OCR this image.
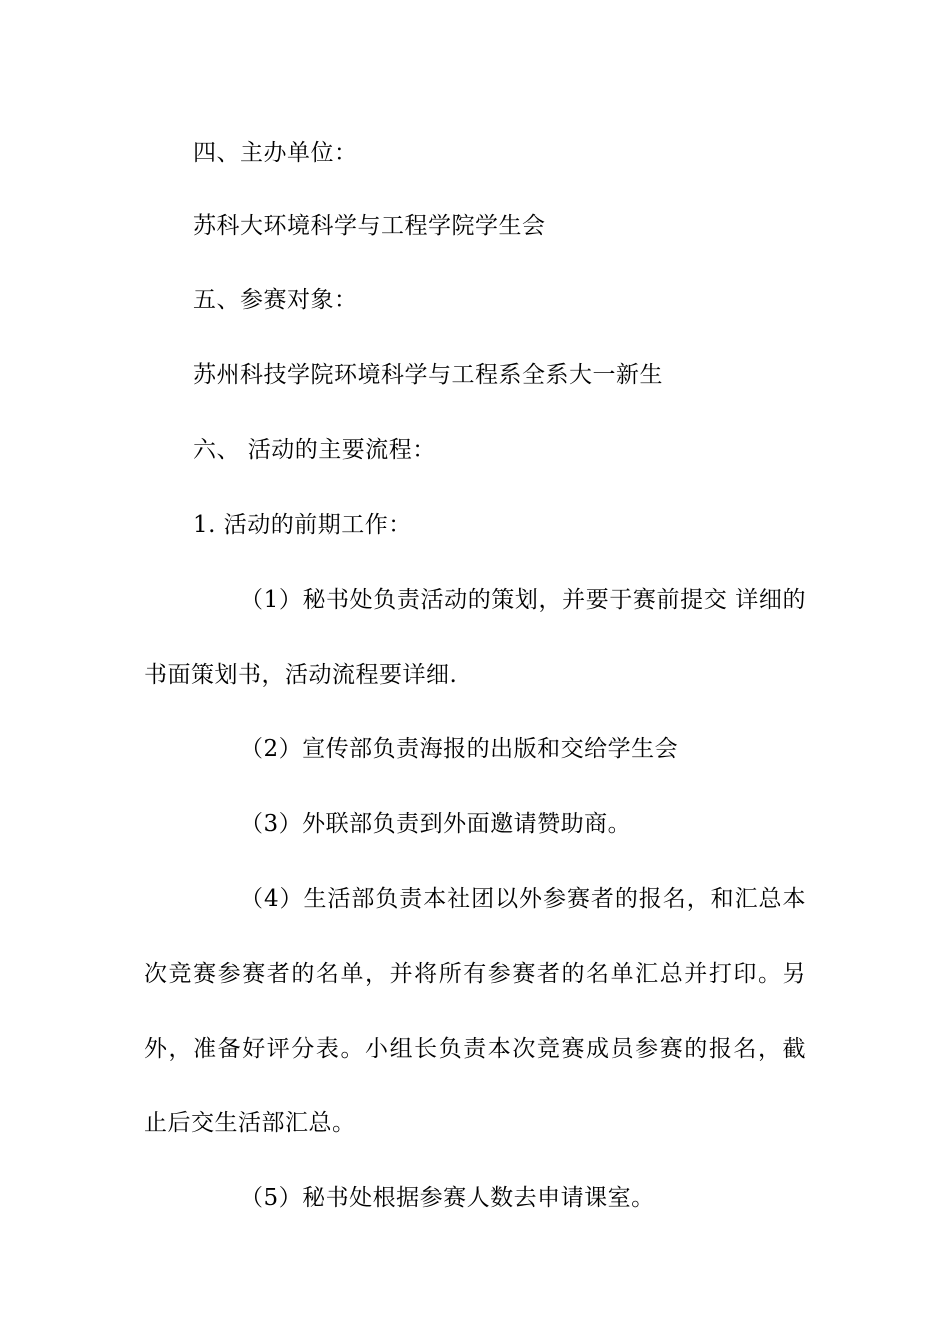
四、主办单位：
苏科大环境科学与工程学院学生会
五、参赛对象：
苏州科技学院环境科学与工程系全系大一新生
六、 活动的主要流程：
1. 活动的前期工作：
（1）秘书处负责活动的策划，并要于赛前提交 详细的
书面策划书，活动流程要详细.
（2）宣传部负责海报的出版和交给学生会
（3）外联部负责到外面邀请赞助商。
（4）生活部负责本社团以外参赛者的报名，和汇总本
次竞赛参赛者的名单，并将所有参赛者的名单汇总并打印。另
外，准备好评分表。小组长负责本次竞赛成员参赛的报名，截
止后交生活部汇总。
（5）秘书处根据参赛人数去申请课室。
